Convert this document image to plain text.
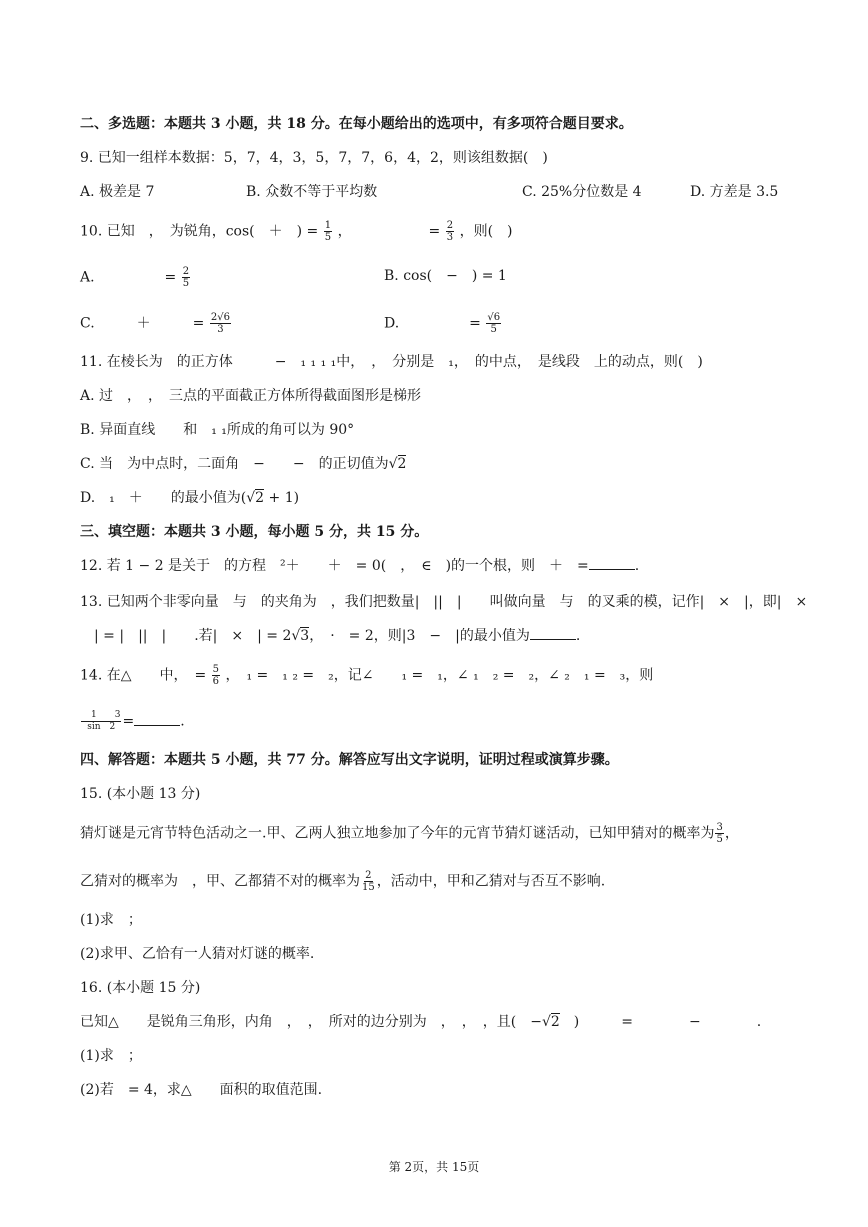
二、多选题：本题共 3 小题，共 18 分。在每小题给出的选项中，有多项符合题目要求。
9. 已知一组样本数据：5，7，4，3，5，7，7，6，4，2，则该组数据(　)
A. 极差是 7	B. 众数不等于平均数	C. 25%分位数是 4	D. 方差是 3.5
10. 已知　，　为锐角，cos(　＋　) = $\frac{1}{5}$ ，　　　　　　= $\frac{2}{3}$ ，则(　)
A.　　　　　= $\frac{2}{5}$	B. cos(　−　) = 1
C.　　　＋　　　= $\frac{2√6}{3}$	D.　　　　　= $\frac{√6}{5}$
11. 在棱长为　的正方体　　　−　₁ ₁ ₁ ₁中，　，　分别是　₁，　的中点，　是线段　上的动点，则(　)
A. 过　，　，　三点的平面截正方体所得截面图形是梯形
B. 异面直线　　和　₁ ₁所成的角可以为 90°
C. 当　为中点时，二面角　−　　−　的正切值为√2
D.　₁　＋　　的最小值为(√2 + 1)
三、填空题：本题共 3 小题，每小题 5 分，共 15 分。
12. 若 1 − 2 是关于　的方程　²＋　　＋　= 0(　，　∈　)的一个根，则　＋　=	.
13. 已知两个非零向量　与　的夹角为　，我们把数量|　||　|　　叫做向量　与　的叉乘的模，记作|　×　|，即|　×
　| = |　||　|　　.若|　×　| = 2√3，　·　= 2，则|3　−　|的最小值为	.
14. 在△　　中，　= $\frac{5}{6}$ ，　₁ =　₁ ₂ =　₂，记∠　　₁ =　₁，∠ ₁　₂ =　₂，∠ ₂　₁ =　₃，则
　$\frac{1 3}{\sin 2}$ =	.
四、解答题：本题共 5 小题，共 77 分。解答应写出文字说明，证明过程或演算步骤。
15. (本小题 13 分)
猜灯谜是元宵节特色活动之一.甲、乙两人独立地参加了今年的元宵节猜灯谜活动，已知甲猜对的概率为 $\frac{3}{5}$ ，
乙猜对的概率为　，甲、乙都猜不对的概率为 $\frac{2}{15}$ ，活动中，甲和乙猜对与否互不影响.
(1)求　；
(2)求甲、乙恰有一人猜对灯谜的概率.
16. (本小题 15 分)
已知△　　是锐角三角形，内角　，　，　所对的边分别为　，　，　，且(　−√2　)　　　=　　　　−　　　　.
(1)求　；
(2)若　= 4，求△　　面积的取值范围.
第 2页，共 15页
